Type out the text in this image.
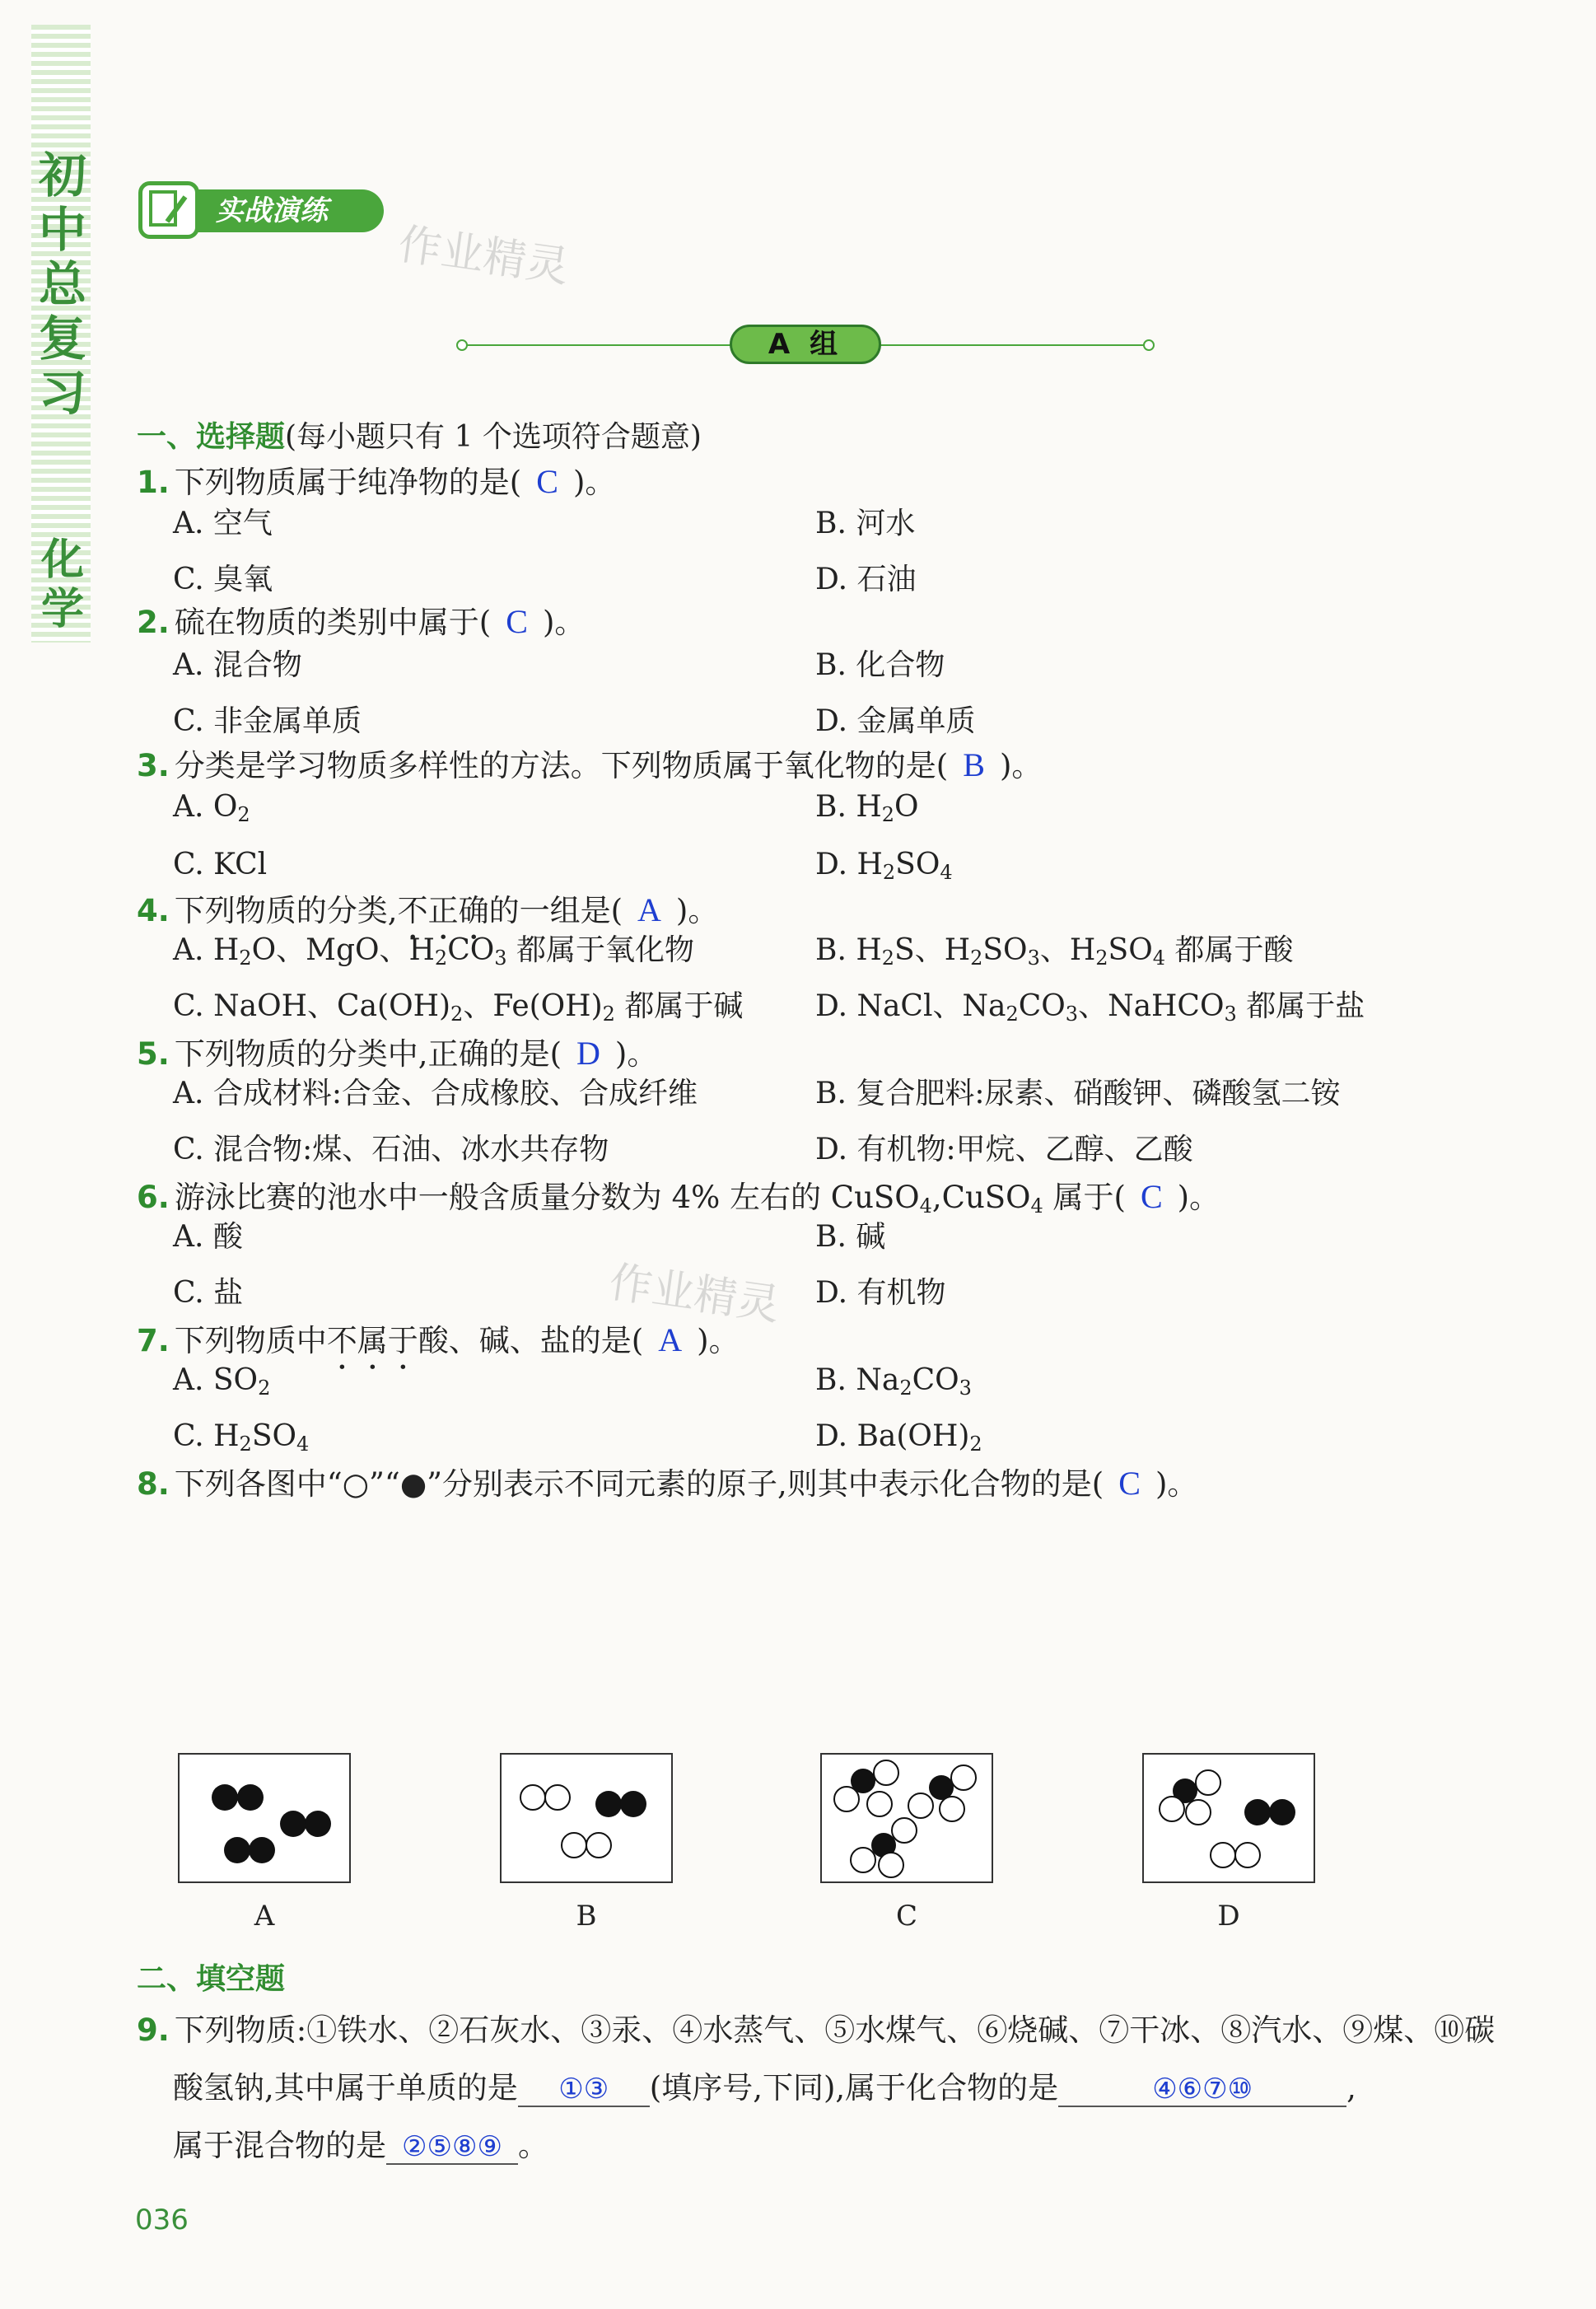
初
中
总
复
习
化学
实战演练
作业精灵
作业精灵
A 组
一、选择题(每小题只有 1 个选项符合题意)
1. 下列物质属于纯净物的是( C )。
A. 空气	B. 河水
C. 臭氧	D. 石油
2. 硫在物质的类别中属于( C )。
A. 混合物	B. 化合物
C. 非金属单质	D. 金属单质
3. 分类是学习物质多样性的方法。下列物质属于氧化物的是( B )。
A. $O_2$	B. $H_2O$
C. KCl	D. $H_2SO_4$
4. 下列物质的分类,不正确的一组是( A )。
A. $H_2O$、MgO、$H_2CO_3$ 都属于氧化物	B. $H_2S$、$H_2SO_3$、$H_2SO_4$ 都属于酸
C. NaOH、$Ca(OH)_2$、$Fe(OH)_2$ 都属于碱 D. NaCl、$Na_2CO_3$、NaHCO$_3$ 都属于盐
5. 下列物质的分类中,正确的是( D )。
A. 合成材料:合金、合成橡胶、合成纤维	B. 复合肥料:尿素、硝酸钾、磷酸氢二铵
C. 混合物:煤、石油、冰水共存物	D. 有机物:甲烷、乙醇、乙酸
6. 游泳比赛的池水中一般含质量分数为 4% 左右的 CuSO$_4$,CuSO$_4$ 属于( C )。
A. 酸	B. 碱
C. 盐	D. 有机物
7. 下列物质中不属于酸、碱、盐的是( A )。
A. $SO_2$	B. $Na_2CO_3$
C. $H_2SO_4$	D. $Ba(OH)_2$
8. 下列各图中“○”“●”分别表示不同元素的原子,则其中表示化合物的是( C )。
A	B	C	D
二、填空题
9. 下列物质:①铁水、②石灰水、③汞、④水蒸气、⑤水煤气、⑥烧碱、⑦干冰、⑧汽水、⑨煤、⑩碳
酸氢钠,其中属于单质的是 ①③ (填序号,下同),属于化合物的是	④⑥⑦⑩	,
属于混合物的是 ②⑤⑧⑨ 。
036
